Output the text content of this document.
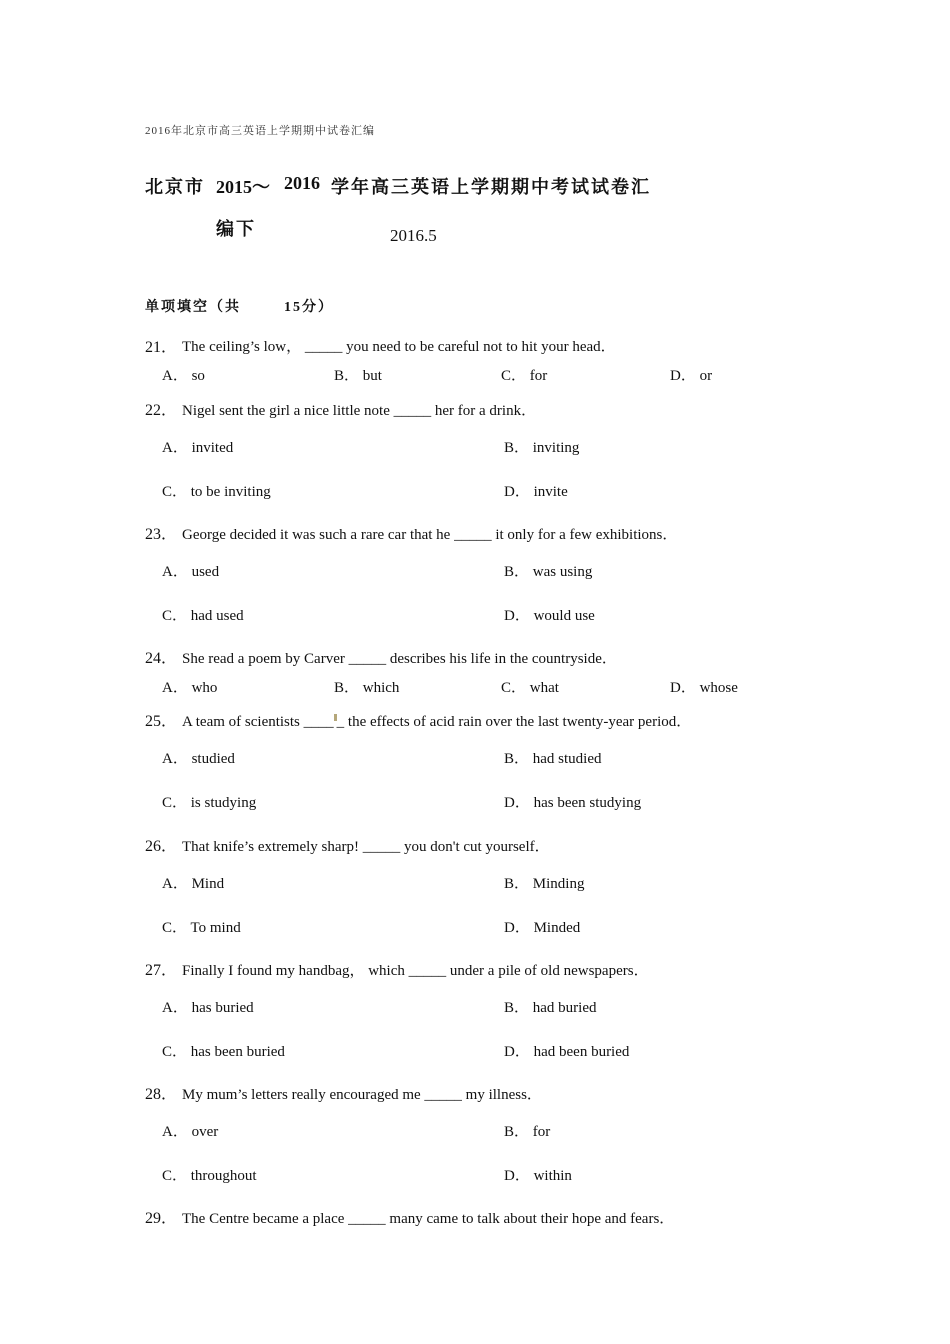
2016年北京市高三英语上学期期中试卷汇编
北京市 2015～ 2016 学年高三英语上学期期中考试试卷汇
编下	2016.5
单项填空（共	15分）
21． The ceiling’s low， _____ you need to be careful not to hit your head．
A． so	B． but	C． for	D． or
22． Nigel sent the girl a nice little note _____ her for a drink．
A． invited	B． inviting
C． to be inviting	D． invite
23． George decided it was such a rare car that he _____ it only for a few exhibitions．
A． used	B． was using
C． had used	D． would use
24． She read a poem by Carver _____ describes his life in the countryside．
A． who	B． which	C． what	D． whose
25． A team of scientists ____ _ the effects of acid rain over the last twenty-year period．
A． studied	B． had studied
C． is studying	D． has been studying
26． That knife’s extremely sharp! _____ you don't cut yourself．
A． Mind	B． Minding
C． To mind	D． Minded
27． Finally I found my handbag， which _____ under a pile of old newspapers．
A． has buried	B． had buried
C． has been buried	D． had been buried
28． My mum’s letters really encouraged me _____ my illness．
A． over	B． for
C． throughout	D． within
29． The Centre became a place _____ many came to talk about their hope and fears．
